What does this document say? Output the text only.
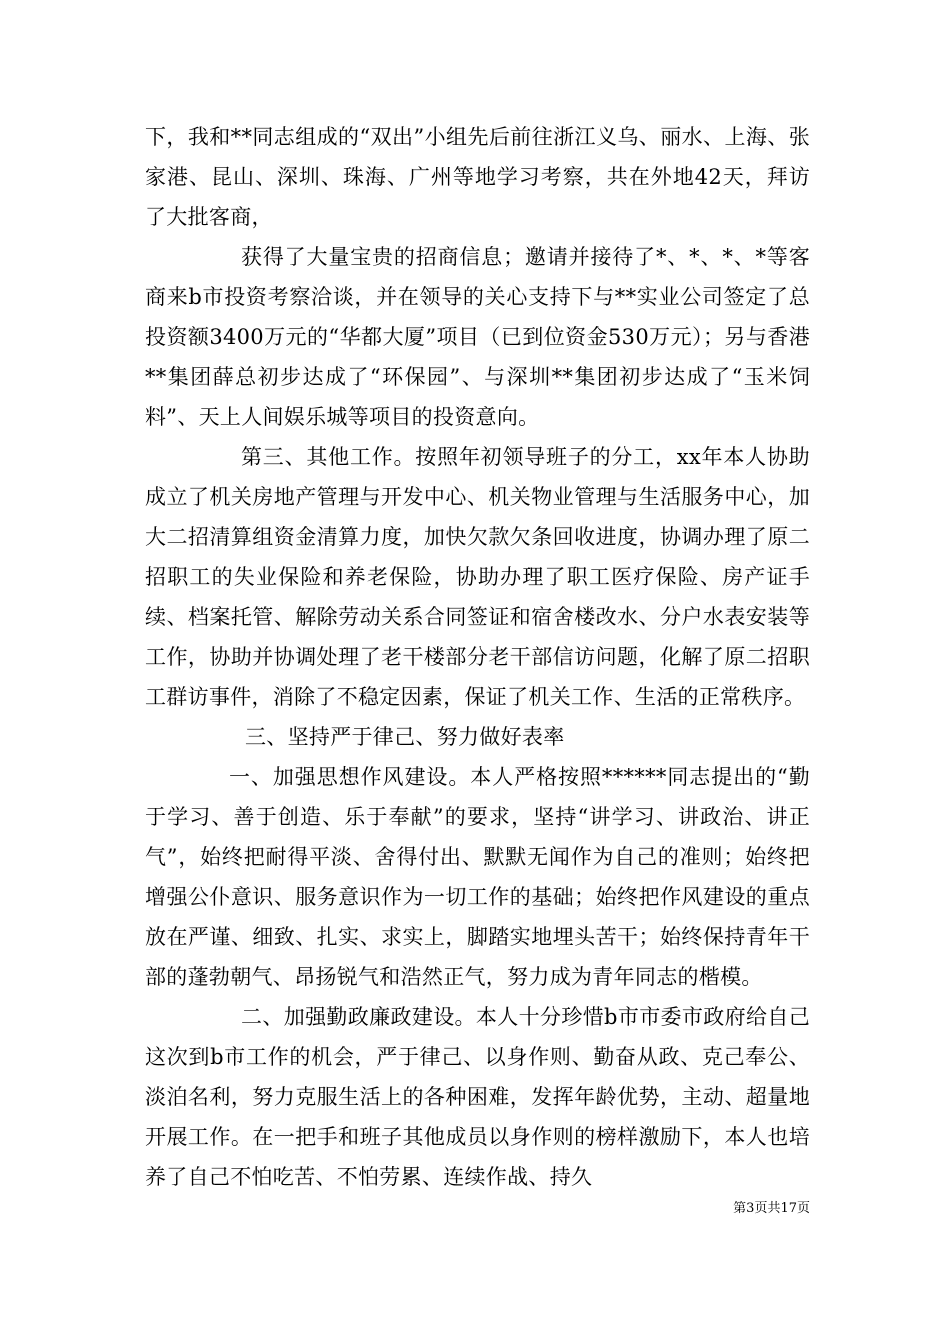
下，我和**同志组成的“双出”小组先后前往浙江义乌、丽水、上海、张家港、昆山、深圳、珠海、广州等地学习考察，共在外地42天，拜访了大批客商，

获得了大量宝贵的招商信息；邀请并接待了*、*、*、*等客商来b市投资考察洽谈，并在领导的关心支持下与**实业公司签定了总投资额3400万元的“华都大厦”项目（已到位资金530万元）；另与香港**集团薛总初步达成了“环保园”、与深圳**集团初步达成了“玉米饲料”、天上人间娱乐城等项目的投资意向。

第三、其他工作。按照年初领导班子的分工，xx年本人协助成立了机关房地产管理与开发中心、机关物业管理与生活服务中心，加大二招清算组资金清算力度，加快欠款欠条回收进度，协调办理了原二招职工的失业保险和养老保险，协助办理了职工医疗保险、房产证手续、档案托管、解除劳动关系合同签证和宿舍楼改水、分户水表安装等工作，协助并协调处理了老干楼部分老干部信访问题，化解了原二招职工群访事件，消除了不稳定因素，保证了机关工作、生活的正常秩序。

三、坚持严于律己、努力做好表率

一、加强思想作风建设。本人严格按照******同志提出的“勤于学习、善于创造、乐于奉献”的要求，坚持“讲学习、讲政治、讲正气”，始终把耐得平淡、舍得付出、默默无闻作为自己的准则；始终把增强公仆意识、服务意识作为一切工作的基础；始终把作风建设的重点放在严谨、细致、扎实、求实上，脚踏实地埋头苦干；始终保持青年干部的蓬勃朝气、昂扬锐气和浩然正气，努力成为青年同志的楷模。

二、加强勤政廉政建设。本人十分珍惜b市市委市政府给自己这次到b市工作的机会，严于律己、以身作则、勤奋从政、克己奉公、淡泊名利，努力克服生活上的各种困难，发挥年龄优势，主动、超量地开展工作。在一把手和班子其他成员以身作则的榜样激励下，本人也培养了自己不怕吃苦、不怕劳累、连续作战、持久

第3页共17页
